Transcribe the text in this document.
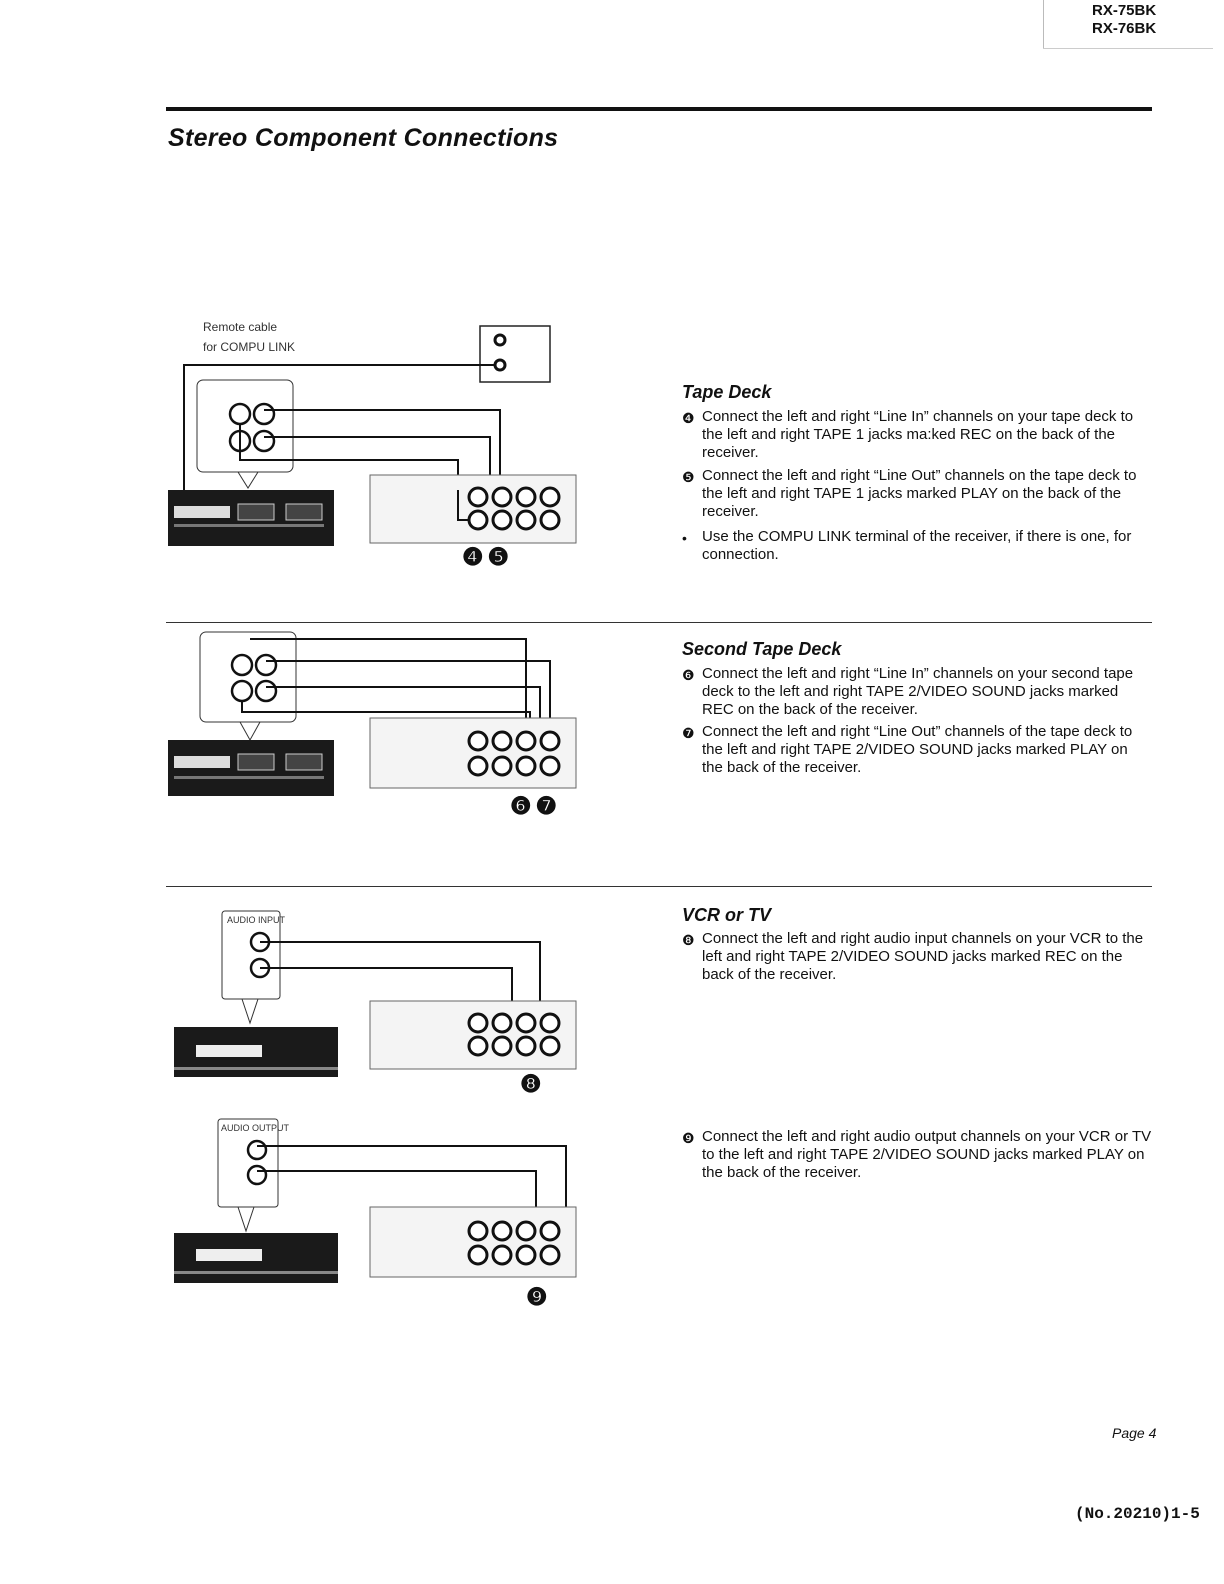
RX-75BK
RX-76BK
Stereo Component Connections
Remote cable
for COMPU LINK
❹❺
Tape Deck
❹ Connect the left and right “Line In” channels on your tape deck to the left and right TAPE 1 jacks ma:ked REC on the back of the receiver.
❺ Connect the left and right “Line Out” channels on the tape deck to the left and right TAPE 1 jacks marked PLAY on the back of the receiver.
•	Use the COMPU LINK terminal of the receiver, if there is one, for connection.
❻❼
Second Tape Deck
❻ Connect the left and right “Line In” channels on your second tape deck to the left and right TAPE 2/VIDEO SOUND jacks marked REC on the back of the receiver.
❼ Connect the left and right “Line Out” channels of the tape deck to the left and right TAPE 2/VIDEO SOUND jacks marked PLAY on the back of the receiver.
AUDIO INPUT
❽
VCR or TV
❽ Connect the left and right audio input channels on your VCR to the left and right TAPE 2/VIDEO SOUND jacks marked REC on the back of the receiver.
AUDIO OUTPUT
❾
❾ Connect the left and right audio output channels on your VCR or TV to the left and right TAPE 2/VIDEO SOUND jacks marked PLAY on the back of the receiver.
Page 4
(No.20210)1-5
